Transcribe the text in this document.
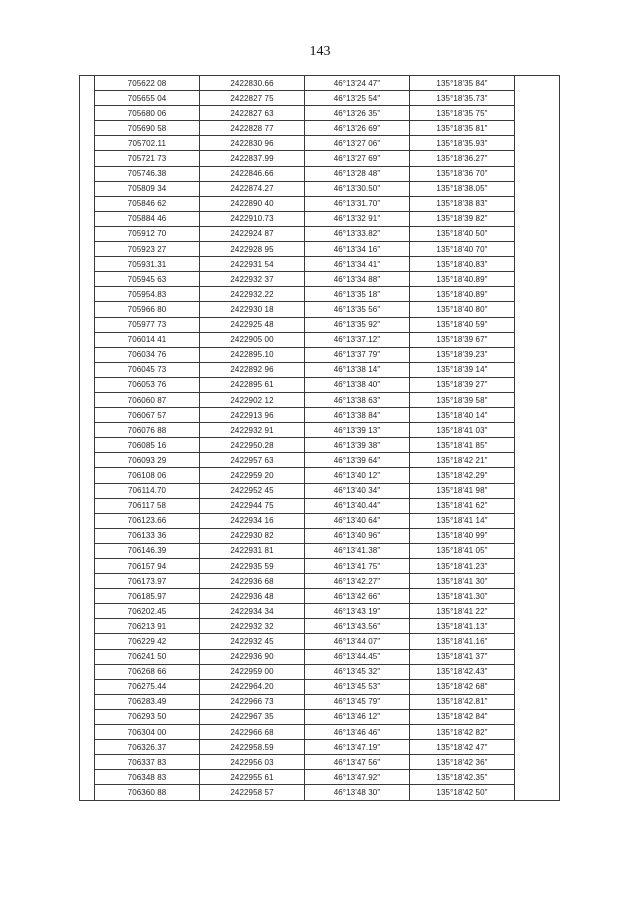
143
	705622 08	2422830.66	46°13'24 47"	135°18'35 84"	
	705655 04	2422827 75	46°13'25 54"	135°18'35.73"	
	705680 06	2422827 63	46°13'26 35"	135°18'35 75"	
	705690 58	2422828 77	46°13'26 69"	135°18'35 81"	
	705702.11	2422830 96	46°13'27 06"	135°18'35.93"	
	705721 73	2422837.99	46°13'27 69"	135°18'36.27"	
	705746.38	2422846.66	46°13'28 48"	135°18'36 70"	
	705809 34	2422874.27	46°13'30.50"	135°18'38.05"	
	705846 62	2422890 40	46°13'31.70"	135°18'38 83"	
	705884 46	2422910.73	46°13'32 91"	135°18'39 82"	
	705912 70	2422924 87	46°13'33.82"	135°18'40 50"	
	705923 27	2422928 95	46°13'34 16"	135°18'40 70"	
	705931.31	2422931 54	46°13'34 41"	135°18'40.83"	
	705945 63	2422932 37	46°13'34 88"	135°18'40.89"	
	705954.83	2422932.22	46°13'35 18"	135°18'40.89"	
	705966 80	2422930 18	46°13'35 56"	135°18'40 80"	
	705977 73	2422925 48	46°13'35 92"	135°18'40 59"	
	706014 41	2422905 00	46°13'37.12"	135°18'39 67"	
	706034 76	2422895.10	46°13'37 79"	135°18'39.23"	
	706045 73	2422892 96	46°13'38 14"	135°18'39 14"	
	706053 76	2422895 61	46°13'38 40"	135°18'39 27"	
	706060 87	2422902 12	46°13'38 63"	135°18'39 58"	
	706067 57	2422913 96	46°13'38 84"	135°18'40 14"	
	706076 88	2422932 91	46°13'39 13"	135°18'41 03"	
	706085 16	2422950.28	46°13'39 38"	135°18'41 85"	
	706093 29	2422957 63	46°13'39 64"	135°18'42 21"	
	706108 06	2422959 20	46°13'40 12"	135°18'42.29"	
	706114.70	2422952 45	46°13'40 34"	135°18'41 98"	
	706117 58	2422944 75	46°13'40.44"	135°18'41 62"	
	706123.66	2422934 16	46°13'40 64"	135°18'41 14"	
	706133 36	2422930 82	46°13'40 96"	135°18'40 99"	
	706146.39	2422931 81	46°13'41.38"	135°18'41 05"	
	706157 94	2422935 59	46°13'41 75"	135°18'41.23"	
	706173.97	2422936 68	46°13'42.27"	135°18'41 30"	
	706185.97	2422936 48	46°13'42 66"	135°18'41.30"	
	706202.45	2422934 34	46°13'43 19"	135°18'41 22"	
	706213 91	2422932 32	46°13'43.56"	135°18'41.13"	
	706229 42	2422932 45	46°13'44 07"	135°18'41.16"	
	706241 50	2422936 90	46°13'44.45"	135°18'41 37"	
	706268 66	2422959 00	46°13'45 32"	135°18'42.43"	
	706275.44	2422964.20	46°13'45 53"	135°18'42 68"	
	706283.49	2422966 73	46°13'45 79"	135°18'42.81"	
	706293 50	2422967 35	46°13'46 12"	135°18'42 84"	
	706304 00	2422966 68	46°13'46 46"	135°18'42 82"	
	706326.37	2422958.59	46°13'47.19"	135°18'42 47"	
	706337 83	2422956 03	46°13'47 56"	135°18'42 36"	
	706348 83	2422955 61	46°13'47.92"	135°18'42.35"	
	706360 88	2422958 57	46°13'48 30"	135°18'42 50"	
